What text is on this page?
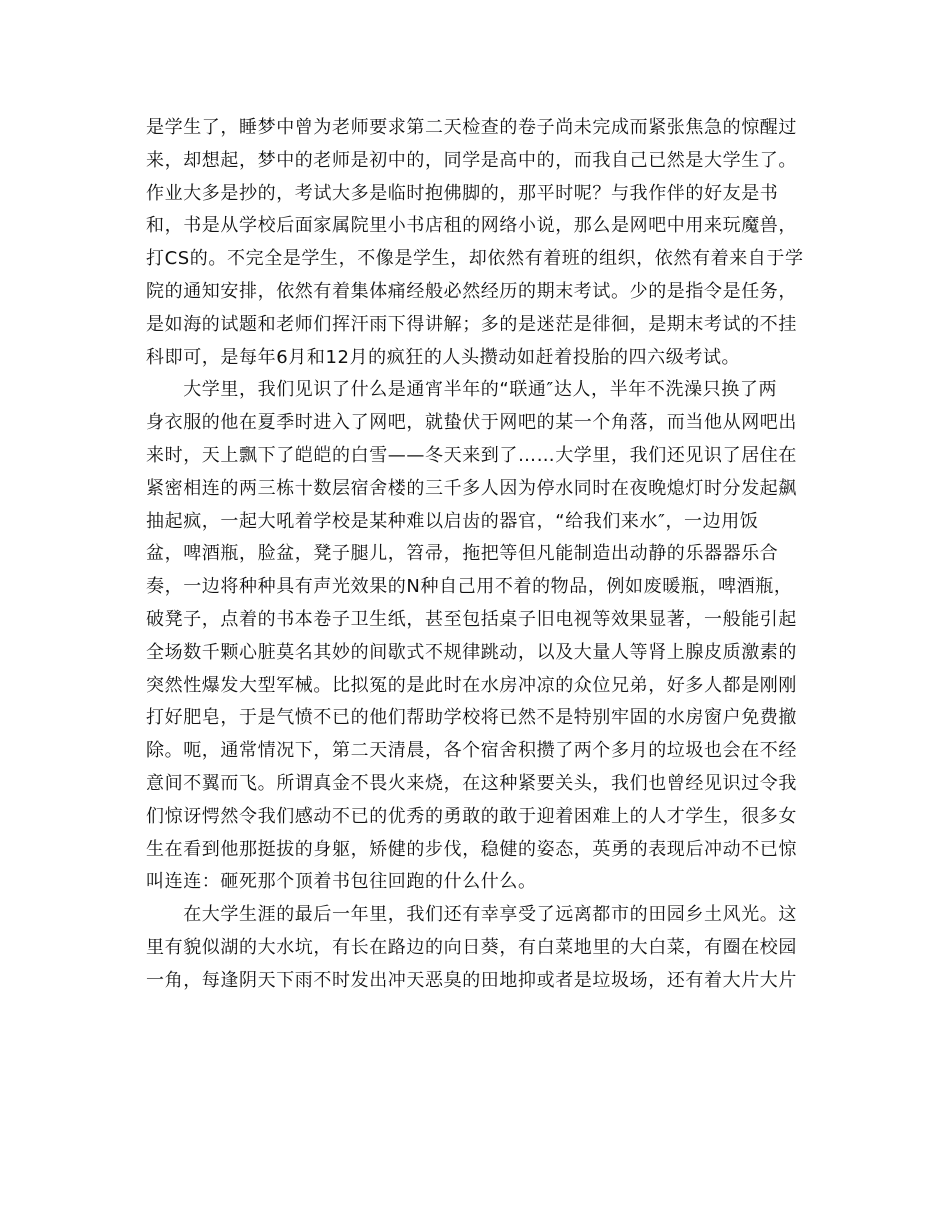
是学生了，睡梦中曾为老师要求第二天检查的卷子尚未完成而紧张焦急的惊醒过
来，却想起，梦中的老师是初中的，同学是高中的，而我自己已然是大学生了。
作业大多是抄的，考试大多是临时抱佛脚的，那平时呢？与我作伴的好友是书
和，书是从学校后面家属院里小书店租的网络小说，那么是网吧中用来玩魔兽，
打CS的。不完全是学生，不像是学生，却依然有着班的组织，依然有着来自于学
院的通知安排，依然有着集体痛经般必然经历的期末考试。少的是指令是任务，
是如海的试题和老师们挥汗雨下得讲解；多的是迷茫是徘徊，是期末考试的不挂
科即可，是每年6月和12月的疯狂的人头攒动如赶着投胎的四六级考试。
　　大学里，我们见识了什么是通宵半年的“联通″达人，半年不洗澡只换了两
身衣服的他在夏季时进入了网吧，就蛰伏于网吧的某一个角落，而当他从网吧出
来时，天上飘下了皑皑的白雪——冬天来到了……大学里，我们还见识了居住在
紧密相连的两三栋十数层宿舍楼的三千多人因为停水同时在夜晚熄灯时分发起飙
抽起疯，一起大吼着学校是某种难以启齿的器官，“给我们来水″，一边用饭
盆，啤酒瓶，脸盆，凳子腿儿，笤帚，拖把等但凡能制造出动静的乐器器乐合
奏，一边将种种具有声光效果的N种自己用不着的物品，例如废暖瓶，啤酒瓶，
破凳子，点着的书本卷子卫生纸，甚至包括桌子旧电视等效果显著，一般能引起
全场数千颗心脏莫名其妙的间歇式不规律跳动，以及大量人等肾上腺皮质激素的
突然性爆发大型军械。比拟冤的是此时在水房冲凉的众位兄弟，好多人都是刚刚
打好肥皂，于是气愤不已的他们帮助学校将已然不是特别牢固的水房窗户免费撤
除。呃，通常情况下，第二天清晨，各个宿舍积攒了两个多月的垃圾也会在不经
意间不翼而飞。所谓真金不畏火来烧，在这种紧要关头，我们也曾经见识过令我
们惊讶愕然令我们感动不已的优秀的勇敢的敢于迎着困难上的人才学生，很多女
生在看到他那挺拔的身躯，矫健的步伐，稳健的姿态，英勇的表现后冲动不已惊
叫连连：砸死那个顶着书包往回跑的什么什么。
　　在大学生涯的最后一年里，我们还有幸享受了远离都市的田园乡土风光。这
里有貌似湖的大水坑，有长在路边的向日葵，有白菜地里的大白菜，有圈在校园
一角，每逢阴天下雨不时发出冲天恶臭的田地抑或者是垃圾场，还有着大片大片
